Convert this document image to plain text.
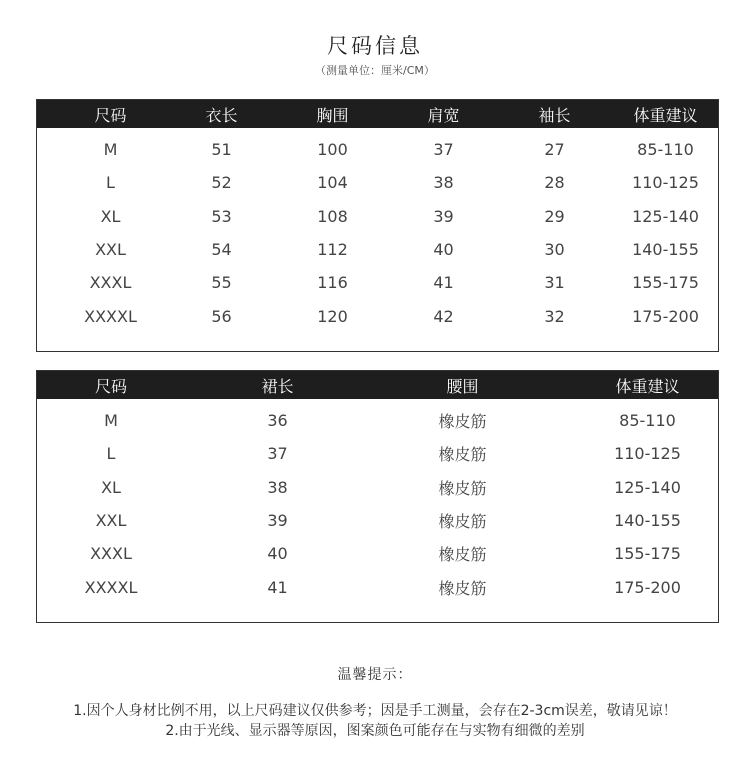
尺码信息
（测量单位：厘米/CM）
尺码	衣长	胸围	肩宽	袖长	体重建议
M	51	100	37	27	85-110
L	52	104	38	28	110-125
XL	53	108	39	29	125-140
XXL	54	112	40	30	140-155
XXXL	55	116	41	31	155-175
XXXXL	56	120	42	32	175-200
尺码	裙长	腰围	体重建议
M	36	橡皮筋	85-110
L	37	橡皮筋	110-125
XL	38	橡皮筋	125-140
XXL	39	橡皮筋	140-155
XXXL	40	橡皮筋	155-175
XXXXL	41	橡皮筋	175-200
温馨提示：
1.因个人身材比例不用，以上尺码建议仅供参考；因是手工测量，会存在2-3cm误差，敬请见谅！
2.由于光线、显示器等原因，图案颜色可能存在与实物有细微的差别
